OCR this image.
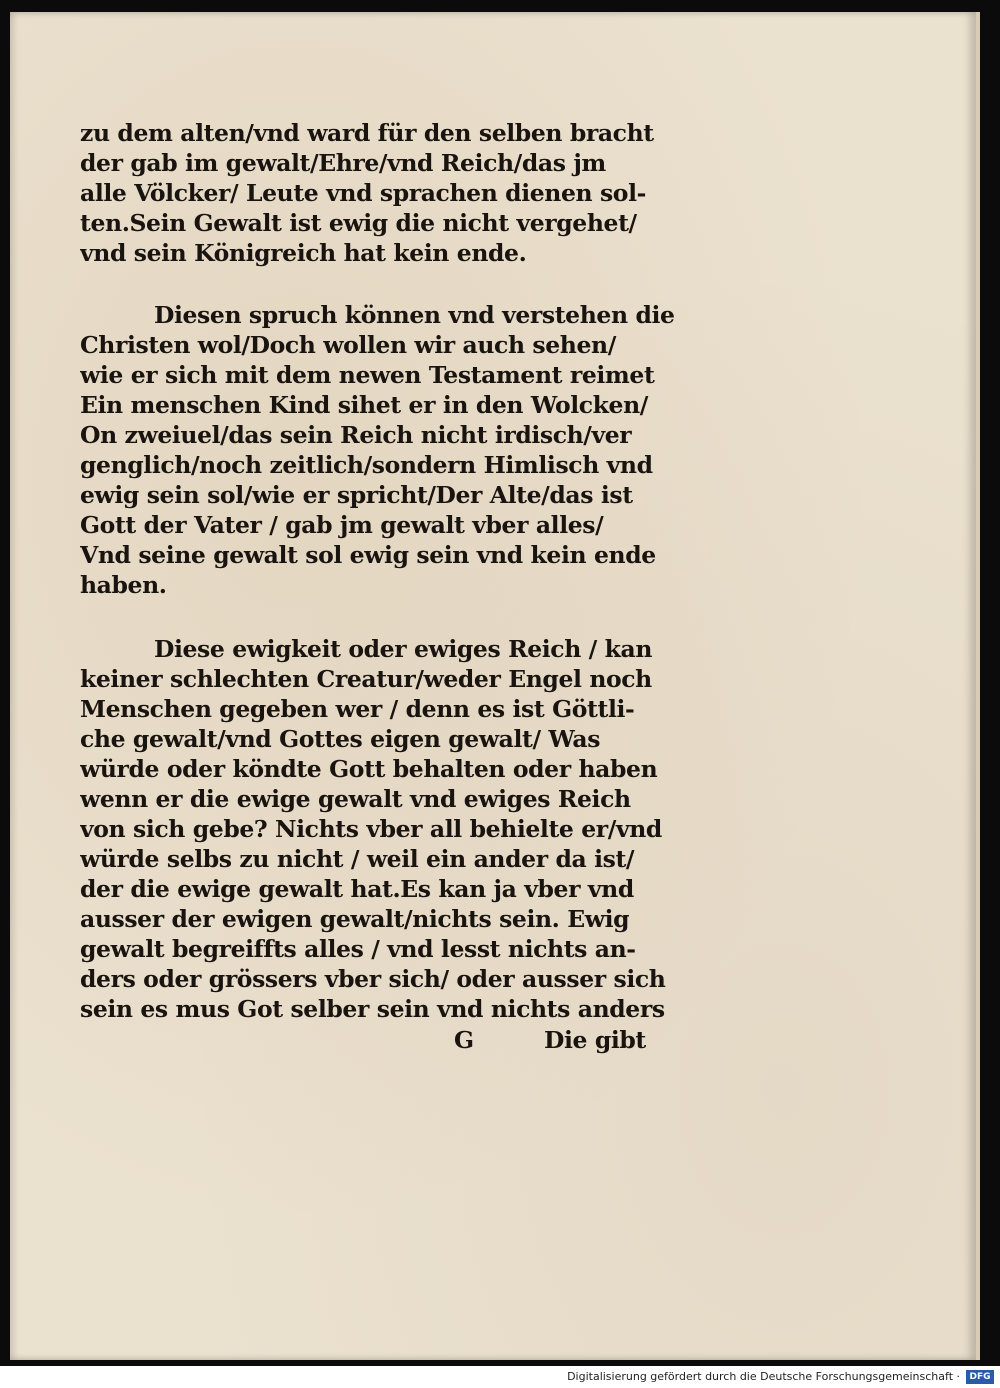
zu dem alten/vnd ward für den selben bracht
der gab im gewalt/Ehre/vnd Reich/das jm
alle Völcker/ Leute vnd sprachen dienen sol-
ten.Sein Gewalt ist ewig die nicht vergehet/
vnd sein Königreich hat kein ende.
Diesen spruch können vnd verstehen die
Christen wol/Doch wollen wir auch sehen/
wie er sich mit dem newen Testament reimet
Ein menschen Kind sihet er in den Wolcken/
On zweiuel/das sein Reich nicht irdisch/ver
genglich/noch zeitlich/sondern Himlisch vnd
ewig sein sol/wie er spricht/Der Alte/das ist
Gott der Vater / gab jm gewalt vber alles/
Vnd seine gewalt sol ewig sein vnd kein ende
haben.
Diese ewigkeit oder ewiges Reich / kan
keiner schlechten Creatur/weder Engel noch
Menschen gegeben wer / denn es ist Göttli-
che gewalt/vnd Gottes eigen gewalt/ Was
würde oder köndte Gott behalten oder haben
wenn er die ewige gewalt vnd ewiges Reich
von sich gebe? Nichts vber all behielte er/vnd
würde selbs zu nicht / weil ein ander da ist/
der die ewige gewalt hat.Es kan ja vber vnd
ausser der ewigen gewalt/nichts sein. Ewig
gewalt begreiffts alles / vnd lesst nichts an-
ders oder grössers vber sich/ oder ausser sich
sein es mus Got selber sein vnd nichts anders
G	Die gibt
Digitalisierung gefördert durch die Deutsche Forschungsgemeinschaft ·	DFG
